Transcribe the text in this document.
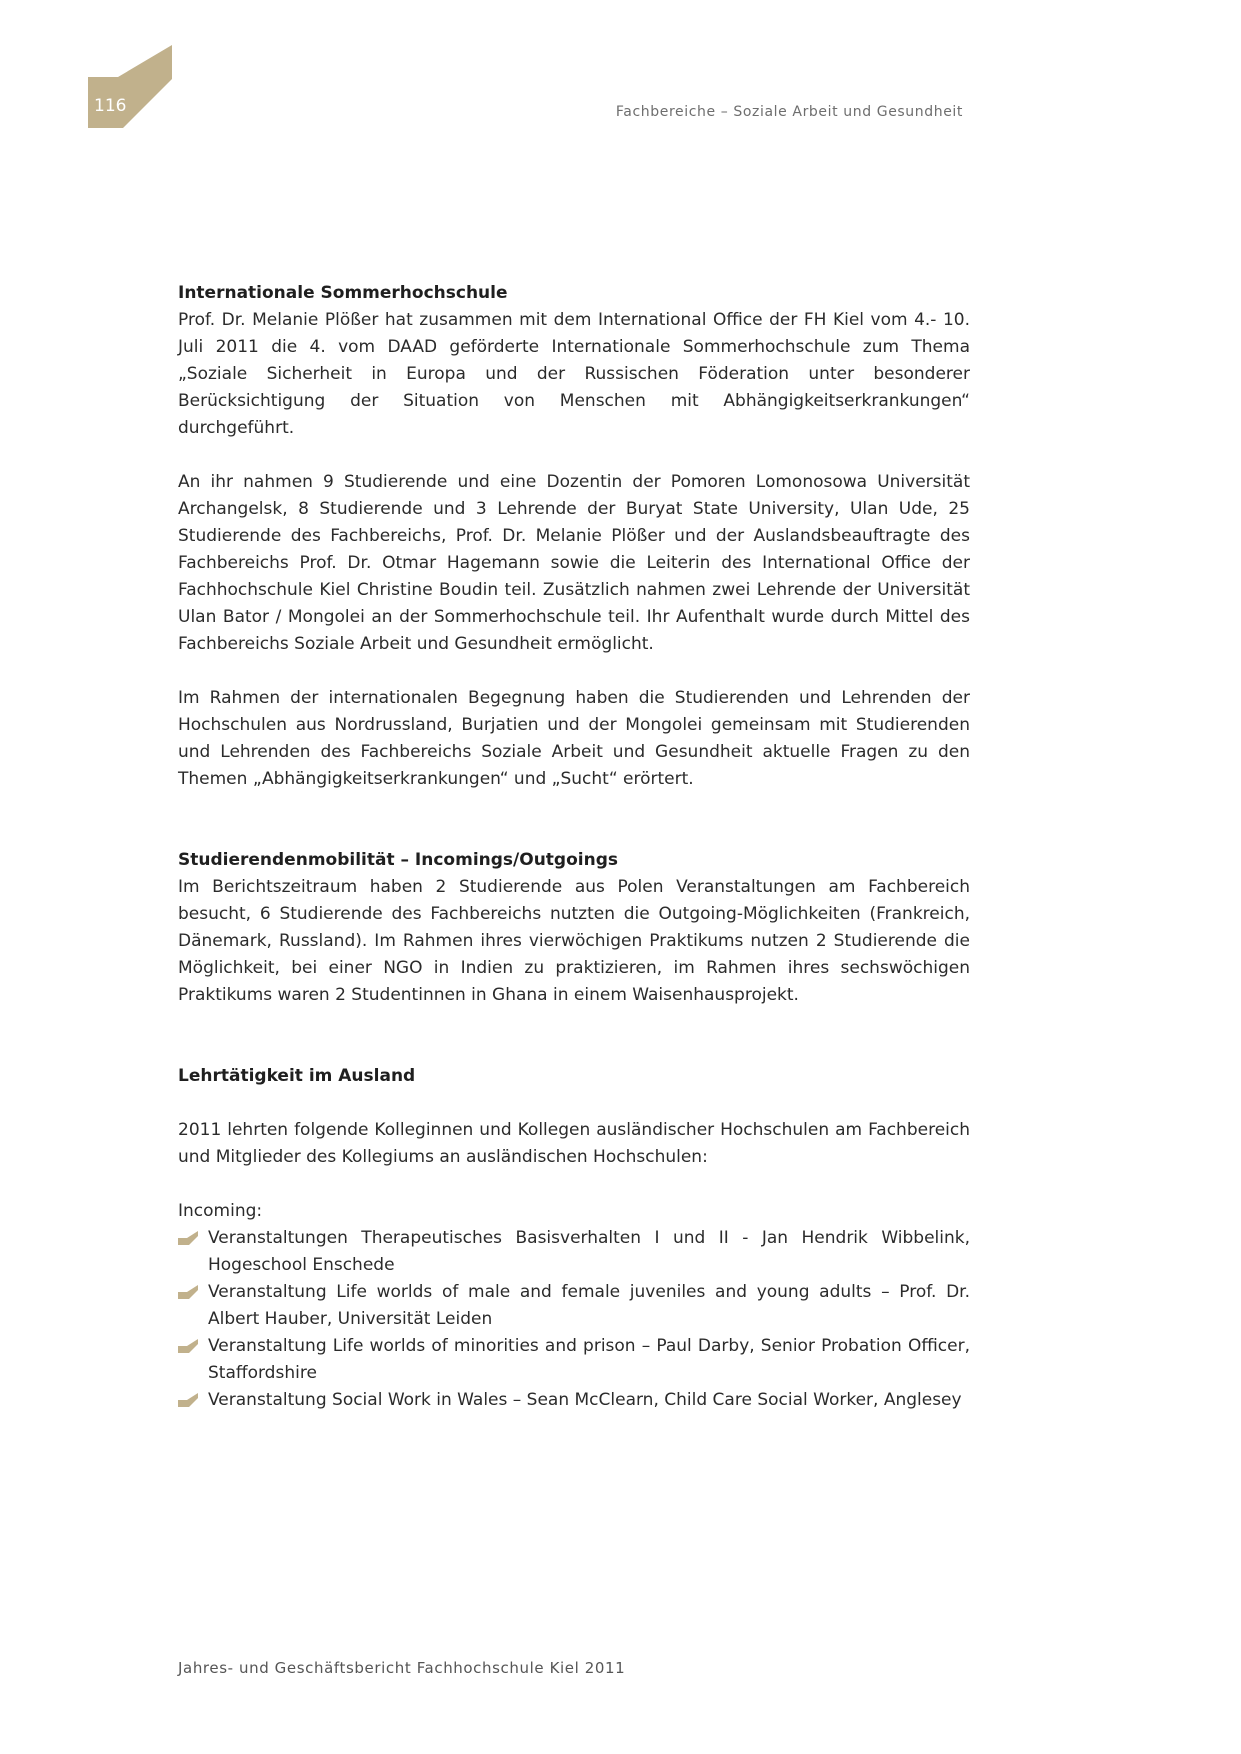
116	Fachbereiche – Soziale Arbeit und Gesundheit
Internationale Sommerhochschule

Prof. Dr. Melanie Plößer hat zusammen mit dem International Office der FH Kiel vom 4.- 10. Juli 2011 die 4. vom DAAD geförderte Internationale Sommerhochschule zum Thema „Soziale Sicherheit in Europa und der Russischen Föderation unter besonderer Berücksichtigung der Situation von Menschen mit Abhängigkeitserkrankungen“ durchgeführt.

An ihr nahmen 9 Studierende und eine Dozentin der Pomoren Lomonosowa Universität Archangelsk, 8 Studierende und 3 Lehrende der Buryat State University, Ulan Ude, 25 Studierende des Fachbereichs, Prof. Dr. Melanie Plößer und der Auslandsbeauftragte des Fachbereichs Prof. Dr. Otmar Hagemann sowie die Leiterin des International Office der Fachhochschule Kiel Christine Boudin teil. Zusätzlich nahmen zwei Lehrende der Universität Ulan Bator / Mongolei an der Sommerhochschule teil. Ihr Aufenthalt wurde durch Mittel des Fachbereichs Soziale Arbeit und Gesundheit ermöglicht.

Im Rahmen der internationalen Begegnung haben die Studierenden und Lehrenden der Hochschulen aus Nordrussland, Burjatien und der Mongolei gemeinsam mit Studierenden und Lehrenden des Fachbereichs Soziale Arbeit und Gesundheit aktuelle Fragen zu den Themen „Abhängigkeitserkrankungen“ und „Sucht“ erörtert.

Studierendenmobilität – Incomings/Outgoings

Im Berichtszeitraum haben 2 Studierende aus Polen Veranstaltungen am Fachbereich besucht, 6 Studierende des Fachbereichs nutzten die Outgoing-Möglichkeiten (Frankreich, Dänemark, Russland). Im Rahmen ihres vierwöchigen Praktikums nutzen 2 Studierende die Möglichkeit, bei einer NGO in Indien zu praktizieren, im Rahmen ihres sechswöchigen Praktikums waren 2 Studentinnen in Ghana in einem Waisenhausprojekt.

Lehrtätigkeit im Ausland

2011 lehrten folgende Kolleginnen und Kollegen ausländischer Hochschulen am Fachbereich und Mitglieder des Kollegiums an ausländischen Hochschulen:

Incoming:

Veranstaltungen Therapeutisches Basisverhalten I und II - Jan Hendrik Wibbelink, Hogeschool Enschede
Veranstaltung Life worlds of male and female juveniles and young adults – Prof. Dr. Albert Hauber, Universität Leiden
Veranstaltung Life worlds of minorities and prison – Paul Darby, Senior Probation Officer, Staffordshire
Veranstaltung Social Work in Wales – Sean McClearn, Child Care Social Worker, Anglesey
Jahres- und Geschäftsbericht Fachhochschule Kiel 2011
